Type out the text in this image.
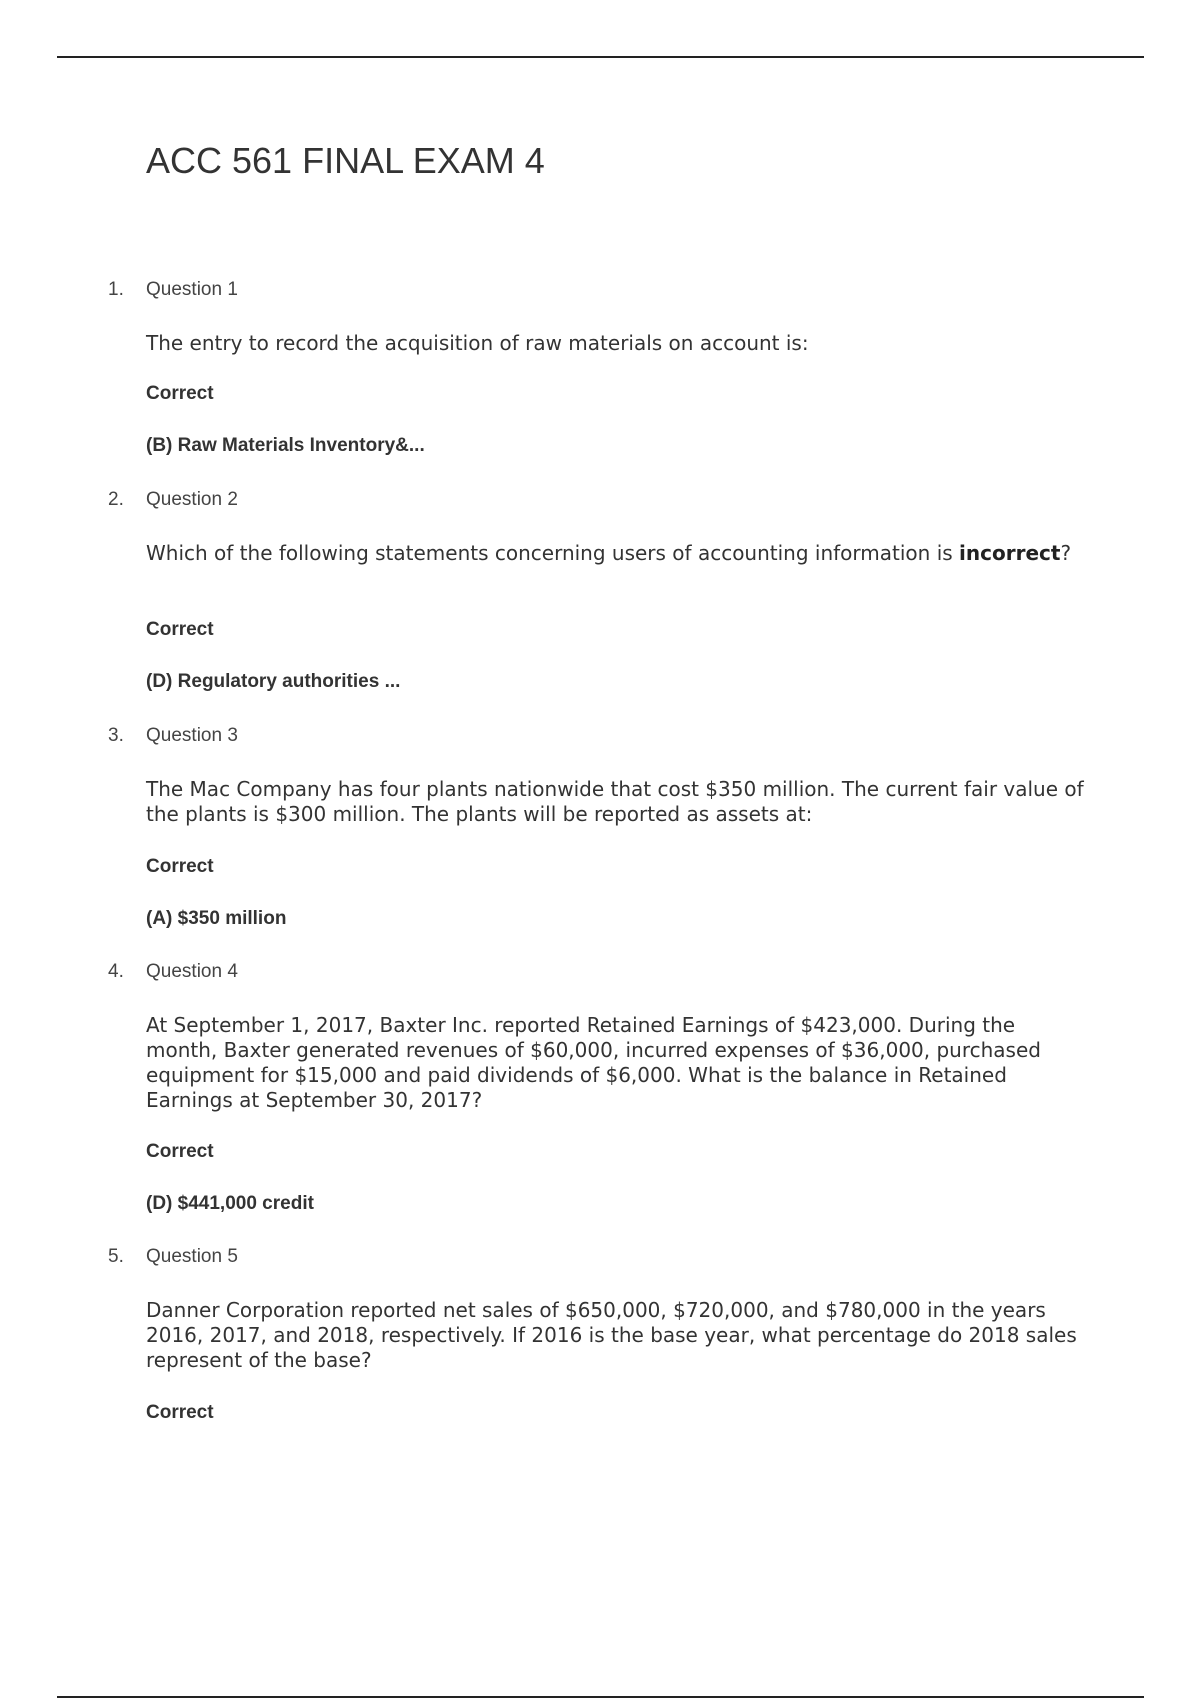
ACC 561 FINAL EXAM 4
1. Question 1
The entry to record the acquisition of raw materials on account is:
Correct
(B) Raw Materials Inventory&...
2. Question 2
Which of the following statements concerning users of accounting information is incorrect?
Correct
(D) Regulatory authorities ...
3. Question 3
The Mac Company has four plants nationwide that cost $350 million. The current fair value of the plants is $300 million. The plants will be reported as assets at:
Correct
(A) $350 million
4. Question 4
At September 1, 2017, Baxter Inc. reported Retained Earnings of $423,000. During the month, Baxter generated revenues of $60,000, incurred expenses of $36,000, purchased equipment for $15,000 and paid dividends of $6,000. What is the balance in Retained Earnings at September 30, 2017?
Correct
(D) $441,000 credit
5. Question 5
Danner Corporation reported net sales of $650,000, $720,000, and $780,000 in the years 2016, 2017, and 2018, respectively. If 2016 is the base year, what percentage do 2018 sales represent of the base?
Correct
